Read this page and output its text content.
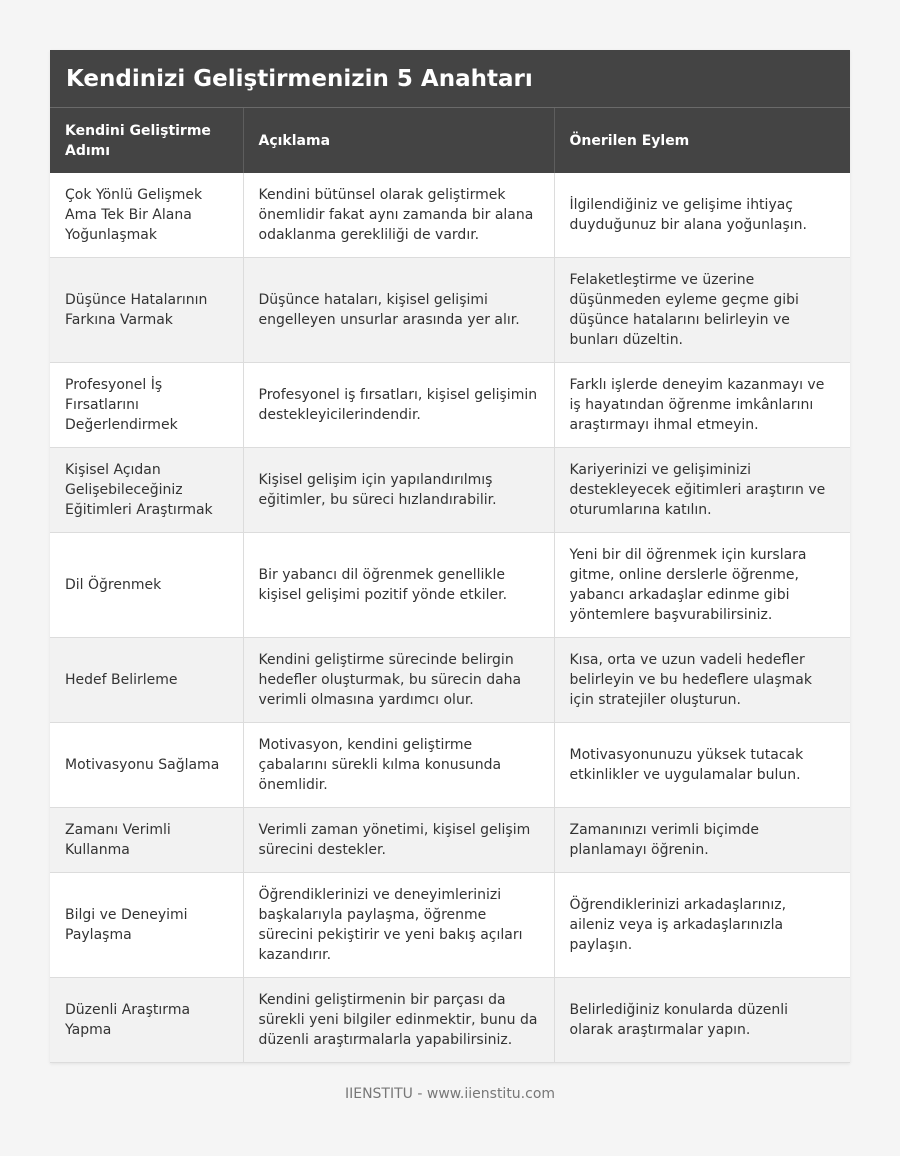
Kendinizi Geliştirmenizin 5 Anahtarı
Kendini Geliştirme Adımı	Açıklama	Önerilen Eylem
Çok Yönlü Gelişmek Ama Tek Bir Alana Yoğunlaşmak	Kendini bütünsel olarak geliştirmek önemlidir fakat aynı zamanda bir alana odaklanma gerekliliği de vardır.	İlgilendiğiniz ve gelişime ihtiyaç duyduğunuz bir alana yoğunlaşın.
Düşünce Hatalarının Farkına Varmak	Düşünce hataları, kişisel gelişimi engelleyen unsurlar arasında yer alır.	Felaketleştirme ve üzerine düşünmeden eyleme geçme gibi düşünce hatalarını belirleyin ve bunları düzeltin.
Profesyonel İş Fırsatlarını Değerlendirmek	Profesyonel iş fırsatları, kişisel gelişimin destekleyicilerindendir.	Farklı işlerde deneyim kazanmayı ve iş hayatından öğrenme imkânlarını araştırmayı ihmal etmeyin.
Kişisel Açıdan Gelişebileceğiniz Eğitimleri Araştırmak	Kişisel gelişim için yapılandırılmış eğitimler, bu süreci hızlandırabilir.	Kariyerinizi ve gelişiminizi destekleyecek eğitimleri araştırın ve oturumlarına katılın.
Dil Öğrenmek	Bir yabancı dil öğrenmek genellikle kişisel gelişimi pozitif yönde etkiler.	Yeni bir dil öğrenmek için kurslara gitme, online derslerle öğrenme, yabancı arkadaşlar edinme gibi yöntemlere başvurabilirsiniz.
Hedef Belirleme	Kendini geliştirme sürecinde belirgin hedefler oluşturmak, bu sürecin daha verimli olmasına yardımcı olur.	Kısa, orta ve uzun vadeli hedefler belirleyin ve bu hedeflere ulaşmak için stratejiler oluşturun.
Motivasyonu Sağlama	Motivasyon, kendini geliştirme çabalarını sürekli kılma konusunda önemlidir.	Motivasyonunuzu yüksek tutacak etkinlikler ve uygulamalar bulun.
Zamanı Verimli Kullanma	Verimli zaman yönetimi, kişisel gelişim sürecini destekler.	Zamanınızı verimli biçimde planlamayı öğrenin.
Bilgi ve Deneyimi Paylaşma	Öğrendiklerinizi ve deneyimlerinizi başkalarıyla paylaşma, öğrenme sürecini pekiştirir ve yeni bakış açıları kazandırır.	Öğrendiklerinizi arkadaşlarınız, aileniz veya iş arkadaşlarınızla paylaşın.
Düzenli Araştırma Yapma	Kendini geliştirmenin bir parçası da sürekli yeni bilgiler edinmektir, bunu da düzenli araştırmalarla yapabilirsiniz.	Belirlediğiniz konularda düzenli olarak araştırmalar yapın.
IIENSTITU - www.iienstitu.com
